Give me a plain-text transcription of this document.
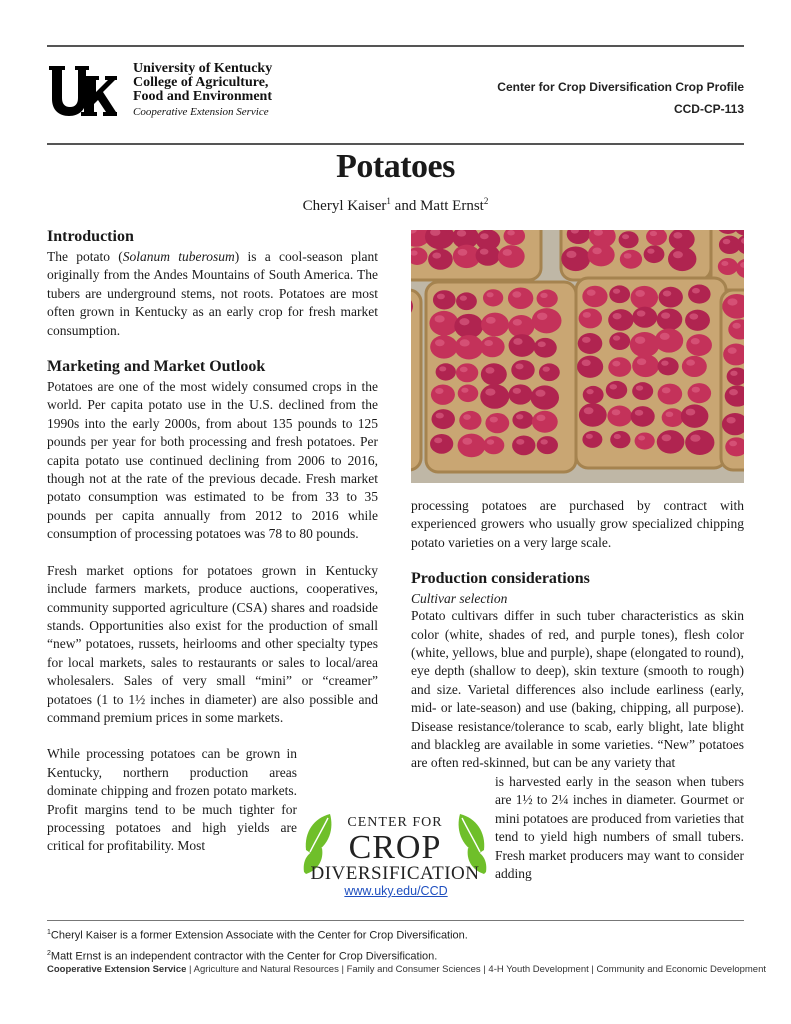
University of Kentucky
College of Agriculture,
Food and Environment
Cooperative Extension Service
Center for Crop Diversification Crop Profile
CCD-CP-113
Potatoes
Cheryl Kaiser$^1$ and Matt Ernst$^2$
Introduction

The potato (Solanum tuberosum) is a cool-season plant originally from the Andes Mountains of South America. The tubers are underground stems, not roots. Potatoes are most often grown in Kentucky as an early crop for fresh market consumption.

Marketing and Market Outlook

Potatoes are one of the most widely consumed crops in the world. Per capita potato use in the U.S. declined from the 1990s into the early 2000s, from about 135 pounds to 125 pounds per year for both processing and fresh potatoes. Per capita potato use continued declining from 2006 to 2016, though not at the rate of the previous decade. Fresh market potato consumption was estimated to be from 33 to 35 pounds per capita annually from 2012 to 2016 while consumption of processing potatoes was 78 to 80 pounds.

Fresh market options for potatoes grown in Kentucky include farmers markets, produce auctions, cooperatives, community supported agriculture (CSA) shares and roadside stands. Opportunities also exist for the production of small “new” potatoes, russets, heirlooms and other specialty types for local markets, sales to restaurants or sales to local/area wholesalers. Sales of very small “mini” or “creamer” potatoes (1 to 1½ inches in diameter) are also possible and command premium prices in some markets.

While processing potatoes can be grown in Kentucky, northern production areas dominate chipping and frozen potato markets. Profit margins tend to be much tighter for processing potatoes and high yields are critical for profitability. Most

processing potatoes are purchased by contract with experienced growers who usually grow specialized chipping potato varieties on a very large scale.

Production considerations
Cultivar selection

Potato cultivars differ in such tuber characteristics as skin color (white, shades of red, and purple tones), flesh color (white, yellows, blue and purple), shape (elongated to round), eye depth (shallow to deep), skin texture (smooth to rough) and size. Varietal differences also include earliness (early, mid- or late-season) and use (baking, chipping, all purpose). Disease resistance/tolerance to scab, early blight, late blight and blackleg are available in some varieties. “New” potatoes are often red-skinned, but can be any variety that

is harvested early in the season when tubers are 1½ to 2¼ inches in diameter. Gourmet or mini potatoes are produced from varieties that tend to yield high numbers of small tubers. Fresh market producers may want to consider adding

CENTER FOR
CROP
DIVERSIFICATION
www.uky.edu/CCD
$^1$Cheryl Kaiser is a former Extension Associate with the Center for Crop Diversification.
$^2$Matt Ernst is an independent contractor with the Center for Crop Diversification.
Cooperative Extension Service | Agriculture and Natural Resources | Family and Consumer Sciences | 4-H Youth Development | Community and Economic Development
